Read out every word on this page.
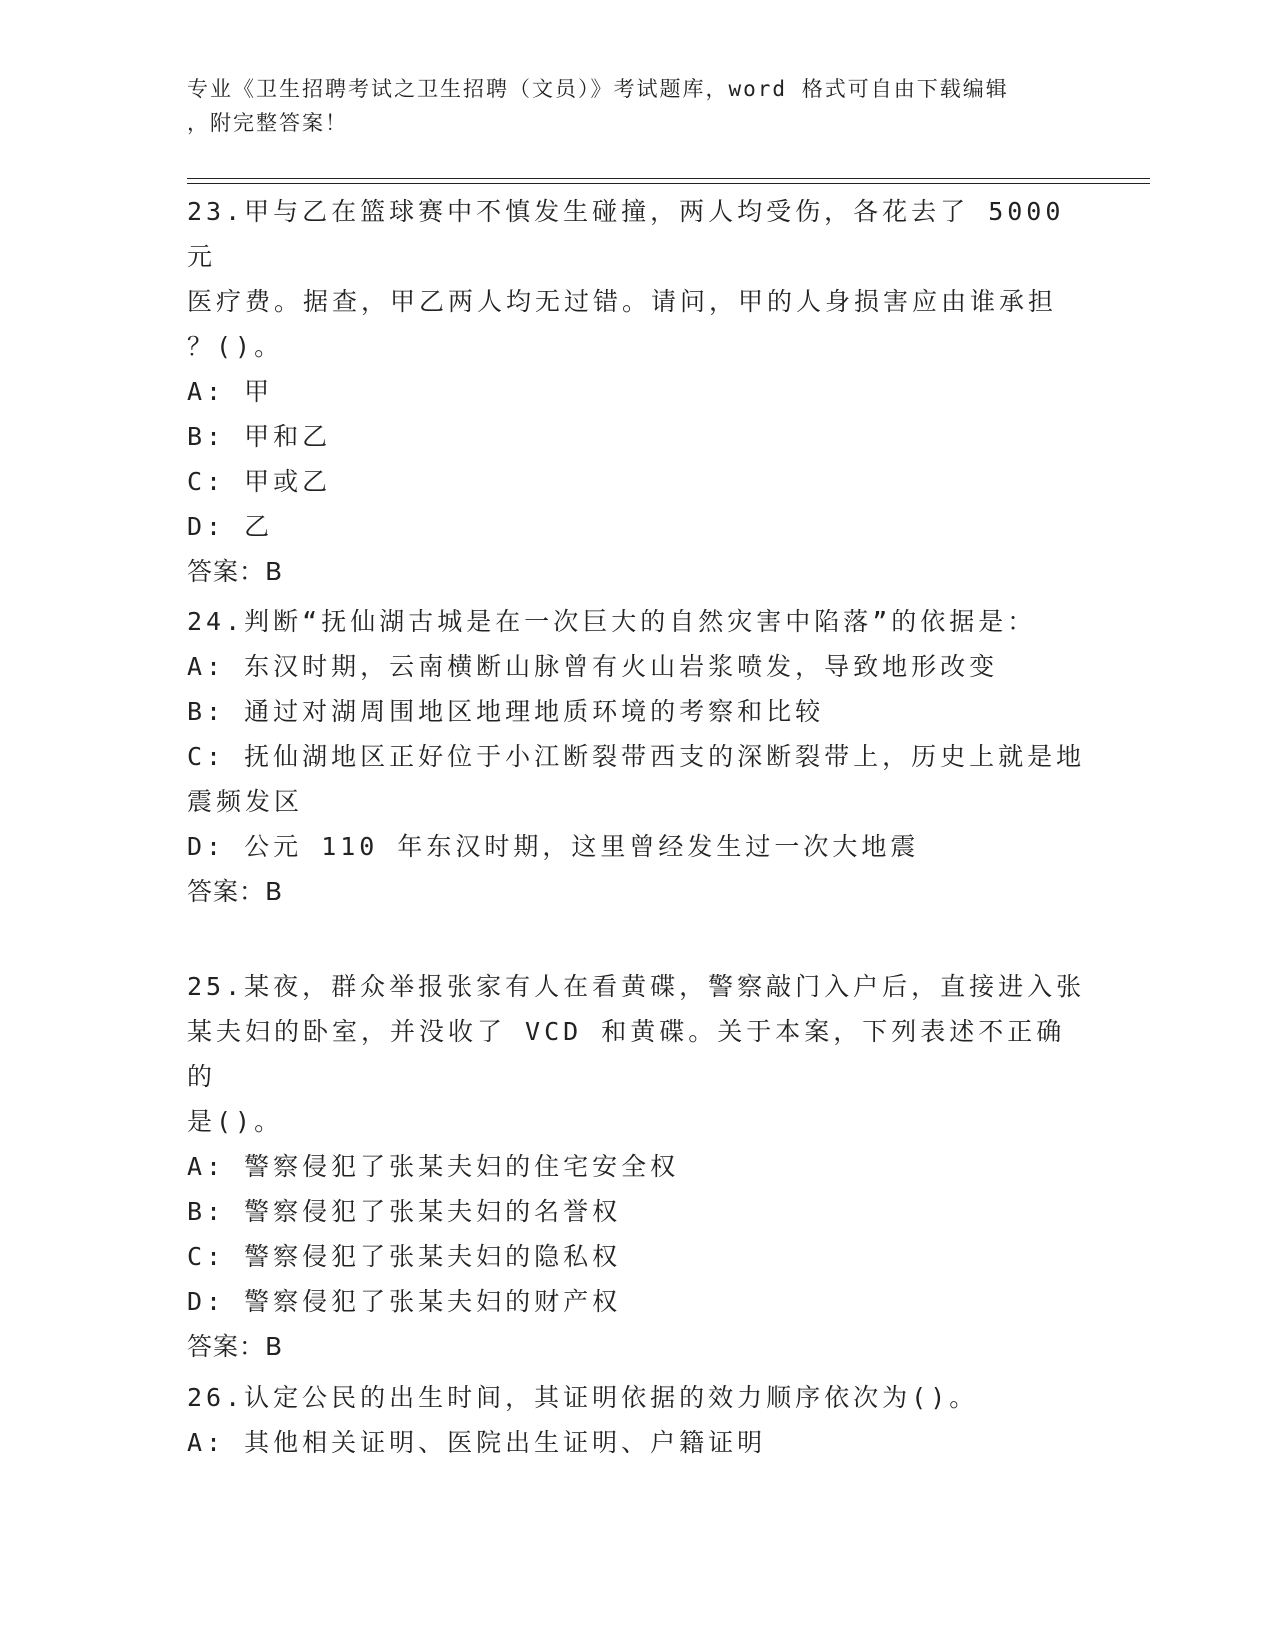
专业《卫生招聘考试之卫生招聘（文员）》考试题库，word 格式可自由下载编辑
，附完整答案！
23.甲与乙在篮球赛中不慎发生碰撞，两人均受伤，各花去了 5000 元
医疗费。据查，甲乙两人均无过错。请问，甲的人身损害应由谁承担
？()。
A: 甲
B: 甲和乙
C: 甲或乙
D: 乙
答案：B
24.判断“抚仙湖古城是在一次巨大的自然灾害中陷落”的依据是：
A: 东汉时期，云南横断山脉曾有火山岩浆喷发，导致地形改变
B: 通过对湖周围地区地理地质环境的考察和比较
C: 抚仙湖地区正好位于小江断裂带西支的深断裂带上，历史上就是地
震频发区
D: 公元 110 年东汉时期，这里曾经发生过一次大地震
答案：B
25.某夜，群众举报张家有人在看黄碟，警察敲门入户后，直接进入张
某夫妇的卧室，并没收了 VCD 和黄碟。关于本案，下列表述不正确的
是()。
A: 警察侵犯了张某夫妇的住宅安全权
B: 警察侵犯了张某夫妇的名誉权
C: 警察侵犯了张某夫妇的隐私权
D: 警察侵犯了张某夫妇的财产权
答案：B
26.认定公民的出生时间，其证明依据的效力顺序依次为()。
A: 其他相关证明、医院出生证明、户籍证明
